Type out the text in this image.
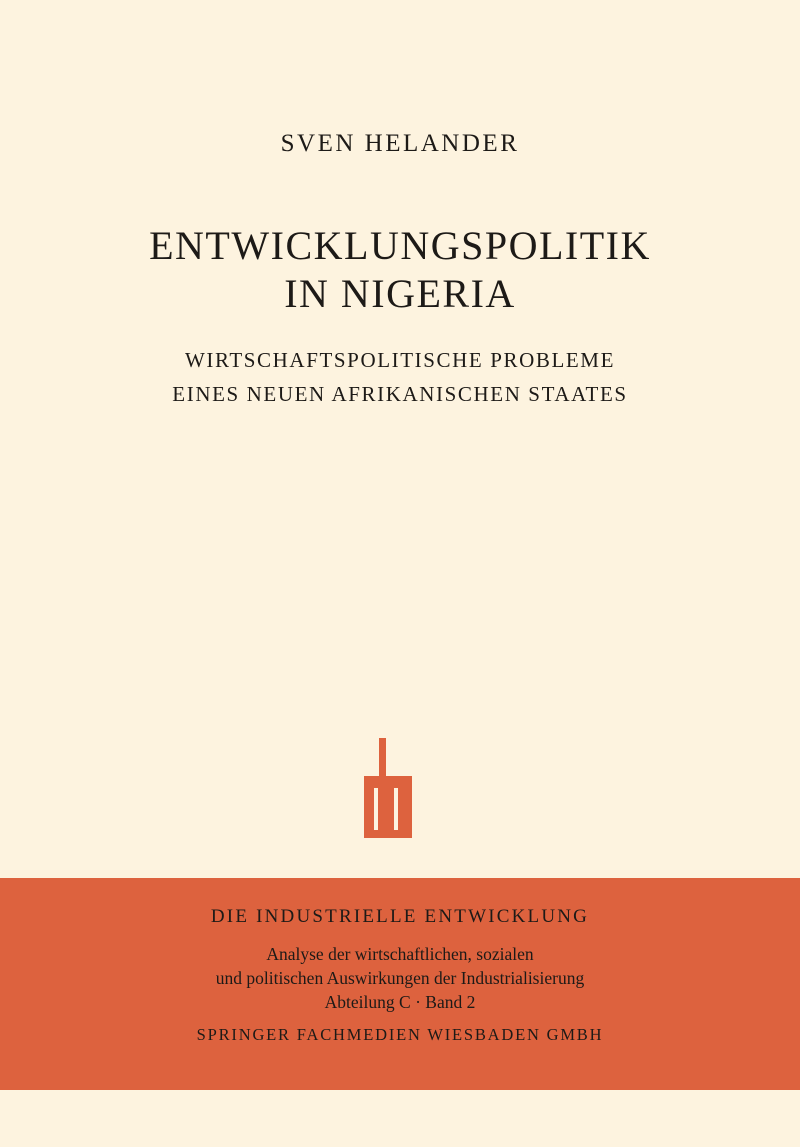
SVEN HELANDER
ENTWICKLUNGSPOLITIK
IN NIGERIA
WIRTSCHAFTSPOLITISCHE PROBLEME
EINES NEUEN AFRIKANISCHEN STAATES
DIE INDUSTRIELLE ENTWICKLUNG
Analyse der wirtschaftlichen, sozialen
und politischen Auswirkungen der Industrialisierung
Abteilung C · Band 2
SPRINGER FACHMEDIEN WIESBADEN GMBH
